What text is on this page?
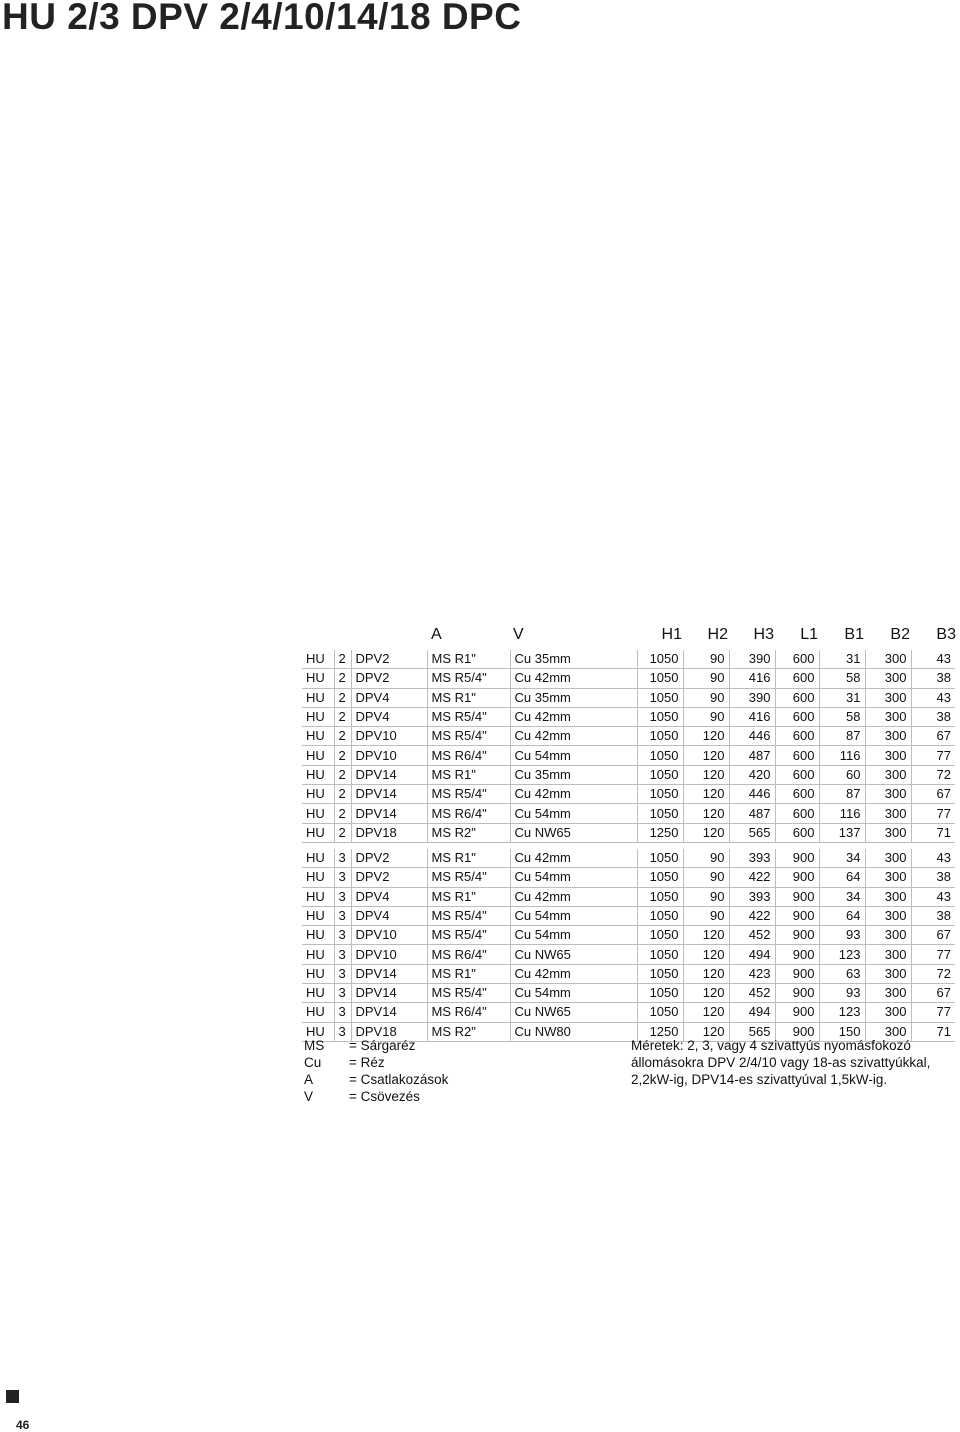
HU 2/3 DPV 2/4/10/14/18 DPC
A	V	H1	H2	H3	L1	B1	B2	B3
HU	2	DPV2	MS R1"	Cu 35mm	1050	90	390	600	31	300	43
HU	2	DPV2	MS R5/4"	Cu 42mm	1050	90	416	600	58	300	38
HU	2	DPV4	MS R1"	Cu 35mm	1050	90	390	600	31	300	43
HU	2	DPV4	MS R5/4"	Cu 42mm	1050	90	416	600	58	300	38
HU	2	DPV10	MS R5/4"	Cu 42mm	1050	120	446	600	87	300	67
HU	2	DPV10	MS R6/4"	Cu 54mm	1050	120	487	600	116	300	77
HU	2	DPV14	MS R1"	Cu 35mm	1050	120	420	600	60	300	72
HU	2	DPV14	MS R5/4"	Cu 42mm	1050	120	446	600	87	300	67
HU	2	DPV14	MS R6/4"	Cu 54mm	1050	120	487	600	116	300	77
HU	2	DPV18	MS R2"	Cu NW65	1250	120	565	600	137	300	71

HU	3	DPV2	MS R1"	Cu 42mm	1050	90	393	900	34	300	43
HU	3	DPV2	MS R5/4"	Cu 54mm	1050	90	422	900	64	300	38
HU	3	DPV4	MS R1"	Cu 42mm	1050	90	393	900	34	300	43
HU	3	DPV4	MS R5/4"	Cu 54mm	1050	90	422	900	64	300	38
HU	3	DPV10	MS R5/4"	Cu 54mm	1050	120	452	900	93	300	67
HU	3	DPV10	MS R6/4"	Cu NW65	1050	120	494	900	123	300	77
HU	3	DPV14	MS R1"	Cu 42mm	1050	120	423	900	63	300	72
HU	3	DPV14	MS R5/4"	Cu 54mm	1050	120	452	900	93	300	67
HU	3	DPV14	MS R6/4"	Cu NW65	1050	120	494	900	123	300	77
HU	3	DPV18	MS R2"	Cu NW80	1250	120	565	900	150	300	71
MS	= Sárgaréz
Cu	= Réz
A	= Csatlakozások
V	= Csövezés
Méretek: 2, 3, vagy 4 szivattyús nyomásfokozó
állomásokra DPV 2/4/10 vagy 18-as szivattyúkkal,
2,2kW-ig, DPV14-es szivattyúval 1,5kW-ig.
46
